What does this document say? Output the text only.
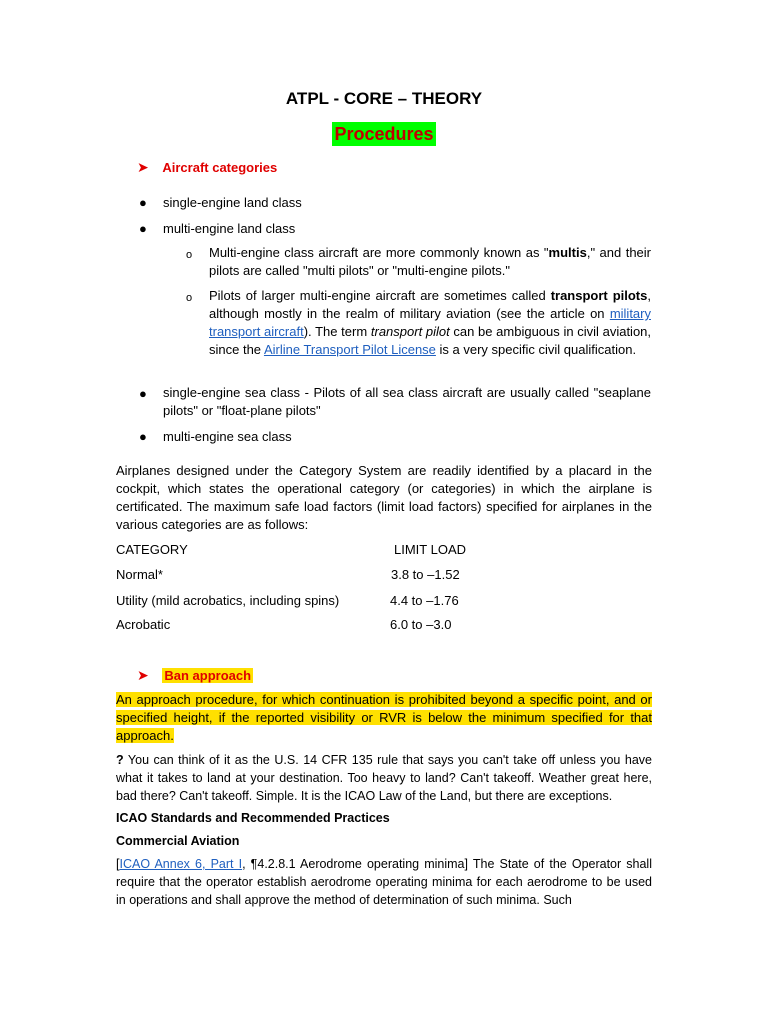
ATPL - CORE – THEORY
Procedures
➤ Aircraft categories
● single-engine land class
● multi-engine land class
o Multi-engine class aircraft are more commonly known as "multis," and their pilots are called "multi pilots" or "multi-engine pilots."
o Pilots of larger multi-engine aircraft are sometimes called transport pilots, although mostly in the realm of military aviation (see the article on military transport aircraft). The term transport pilot can be ambiguous in civil aviation, since the Airline Transport Pilot License is a very specific civil qualification.
● single-engine sea class - Pilots of all sea class aircraft are usually called "seaplane pilots" or "float-plane pilots"
● multi-engine sea class
Airplanes designed under the Category System are readily identified by a placard in the cockpit, which states the operational category (or categories) in which the airplane is certificated. The maximum safe load factors (limit load factors) specified for airplanes in the various categories are as follows:
CATEGORY	LIMIT LOAD
Normal*	3.8 to –1.52
Utility (mild acrobatics, including spins)	4.4 to –1.76
Acrobatic	6.0 to –3.0
➤ Ban approach
An approach procedure, for which continuation is prohibited beyond a specific point, and or specified height, if the reported visibility or RVR is below the minimum specified for that approach.
? You can think of it as the U.S. 14 CFR 135 rule that says you can't take off unless you have what it takes to land at your destination. Too heavy to land? Can't takeoff. Weather great here, bad there? Can't takeoff. Simple. It is the ICAO Law of the Land, but there are exceptions.
ICAO Standards and Recommended Practices
Commercial Aviation
[ICAO Annex 6, Part I, ¶4.2.8.1 Aerodrome operating minima] The State of the Operator shall require that the operator establish aerodrome operating minima for each aerodrome to be used in operations and shall approve the method of determination of such minima. Such
